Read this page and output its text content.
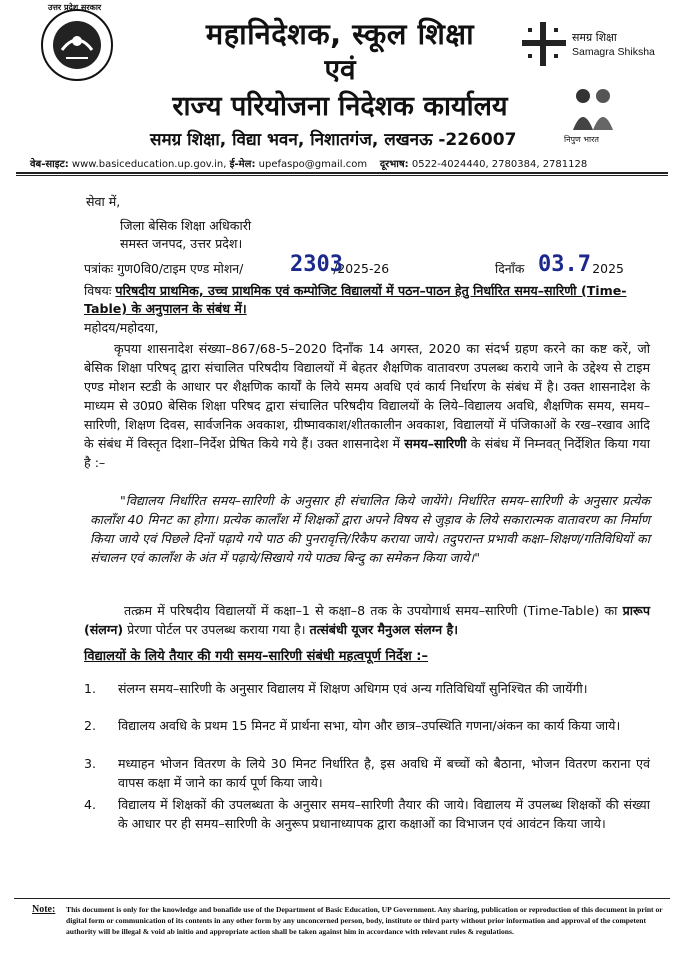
उत्तर प्रदेश सरकार
समग्र शिक्षा
Samagra Shiksha
निपुण भारत
महानिदेशक, स्कूल शिक्षा
एवं
राज्य परियोजना निदेशक कार्यालय
समग्र शिक्षा, विद्या भवन, निशातगंज, लखनऊ -226007
वेब-साइट: www.basiceducation.up.gov.in, ई-मेल: upefaspo@gmail.com दूरभाष: 0522-4024440, 2780384, 2781128
सेवा में,
जिला बेसिक शिक्षा अधिकारी
समस्त जनपद, उत्तर प्रदेश।
पत्रांकः गुण0वि0/टाइम एण्ड मोशन/	/2025-26
2303	दिनाँक	2025
03.7
विषयः परिषदीय प्राथमिक, उच्च प्राथमिक एवं कम्पोजिट विद्यालयों में पठन–पाठन हेतु निर्धारित समय–सारिणी (Time-Table) के अनुपालन के संबंध में।
महोदय/महोदया,
कृपया शासनादेश संख्या–867/68-5–2020 दिनाँक 14 अगस्त, 2020 का संदर्भ ग्रहण करने का कष्ट करें, जो बेसिक शिक्षा परिषद् द्वारा संचालित परिषदीय विद्यालयों में बेहतर शैक्षणिक वातावरण उपलब्ध कराये जाने के उद्देश्य से टाइम एण्ड मोशन स्टडी के आधार पर शैक्षणिक कार्यों के लिये समय अवधि एवं कार्य निर्धारण के संबंध में है। उक्त शासनादेश के माध्यम से उ0प्र0 बेसिक शिक्षा परिषद द्वारा संचालित परिषदीय विद्यालयों के लिये–विद्यालय अवधि, शैक्षणिक समय, समय–सारिणी, शिक्षण दिवस, सार्वजनिक अवकाश, ग्रीष्मावकाश/शीतकालीन अवकाश, विद्यालयों में पंजिकाओं के रख–रखाव आदि के संबंध में विस्तृत दिशा–निर्देश प्रेषित किये गये हैं। उक्त शासनादेश में समय–सारिणी के संबंध में निम्नवत् निर्देशित किया गया है :–
"विद्यालय निर्धारित समय–सारिणी के अनुसार ही संचालित किये जायेंगे। निर्धारित समय–सारिणी के अनुसार प्रत्येक कालाँश 40 मिनट का होगा। प्रत्येक कालाँश में शिक्षकों द्वारा अपने विषय से जुड़ाव के लिये सकारात्मक वातावरण का निर्माण किया जाये एवं पिछले दिनों पढ़ाये गये पाठ की पुनरावृत्ति/रिकैप कराया जाये। तदुपरान्त प्रभावी कक्षा–शिक्षण/गतिविधियों का संचालन एवं कालाँश के अंत में पढ़ाये/सिखाये गये पाठ्य बिन्दु का समेकन किया जाये।"
तत्क्रम में परिषदीय विद्यालयों में कक्षा–1 से कक्षा–8 तक के उपयोगार्थ समय–सारिणी (Time-Table) का प्रारूप (संलग्न) प्रेरणा पोर्टल पर उपलब्ध कराया गया है। तत्संबंधी यूजर मैनुअल संलग्न है।
विद्यालयों के लिये तैयार की गयी समय–सारिणी संबंधी महत्वपूर्ण निर्देश :–
1. संलग्न समय–सारिणी के अनुसार विद्यालय में शिक्षण अधिगम एवं अन्य गतिविधियाँ सुनिश्चित की जायेंगी।
2. विद्यालय अवधि के प्रथम 15 मिनट में प्रार्थना सभा, योग और छात्र–उपस्थिति गणना/अंकन का कार्य किया जाये।
3. मध्याहन भोजन वितरण के लिये 30 मिनट निर्धारित है, इस अवधि में बच्चों को बैठाना, भोजन वितरण कराना एवं वापस कक्षा में जाने का कार्य पूर्ण किया जाये।
4. विद्यालय में शिक्षकों की उपलब्धता के अनुसार समय–सारिणी तैयार की जाये। विद्यालय में उपलब्ध शिक्षकों की संख्या के आधार पर ही समय–सारिणी के अनुरूप प्रधानाध्यापक द्वारा कक्षाओं का विभाजन एवं आवंटन किया जाये।
Note: This document is only for the knowledge and bonafide use of the Department of Basic Education, UP Government. Any sharing, publication or reproduction of this document in print or digital form or communication of its contents in any other form by any unconcerned person, body, institute or third party without prior information and approval of the competent authority will be illegal & void ab initio and appropriate action shall be taken against him in accordance with relevant rules & regulations.
